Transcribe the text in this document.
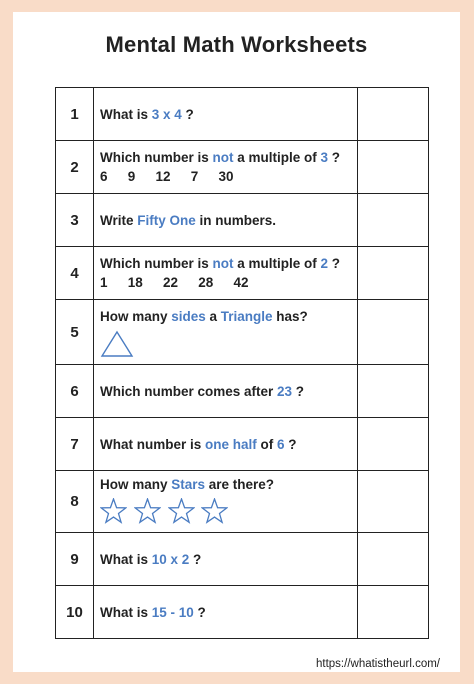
Mental Math Worksheets
1	What is 3 x 4 ?	
2	Which number is not a multiple of 3 ?
6   9   12   7   30	
3	Write Fifty One in numbers.	
4	Which number is not a multiple of 2 ?
1   18   22   28   42	
5	How many sides a Triangle has?

6	Which number comes after 23 ?	
7	What number is one half of 6 ?	
8	How many Stars are there?

9	What is 10 x 2 ?	
10	What is 15 - 10 ?	
https://whatistheurl.com/
